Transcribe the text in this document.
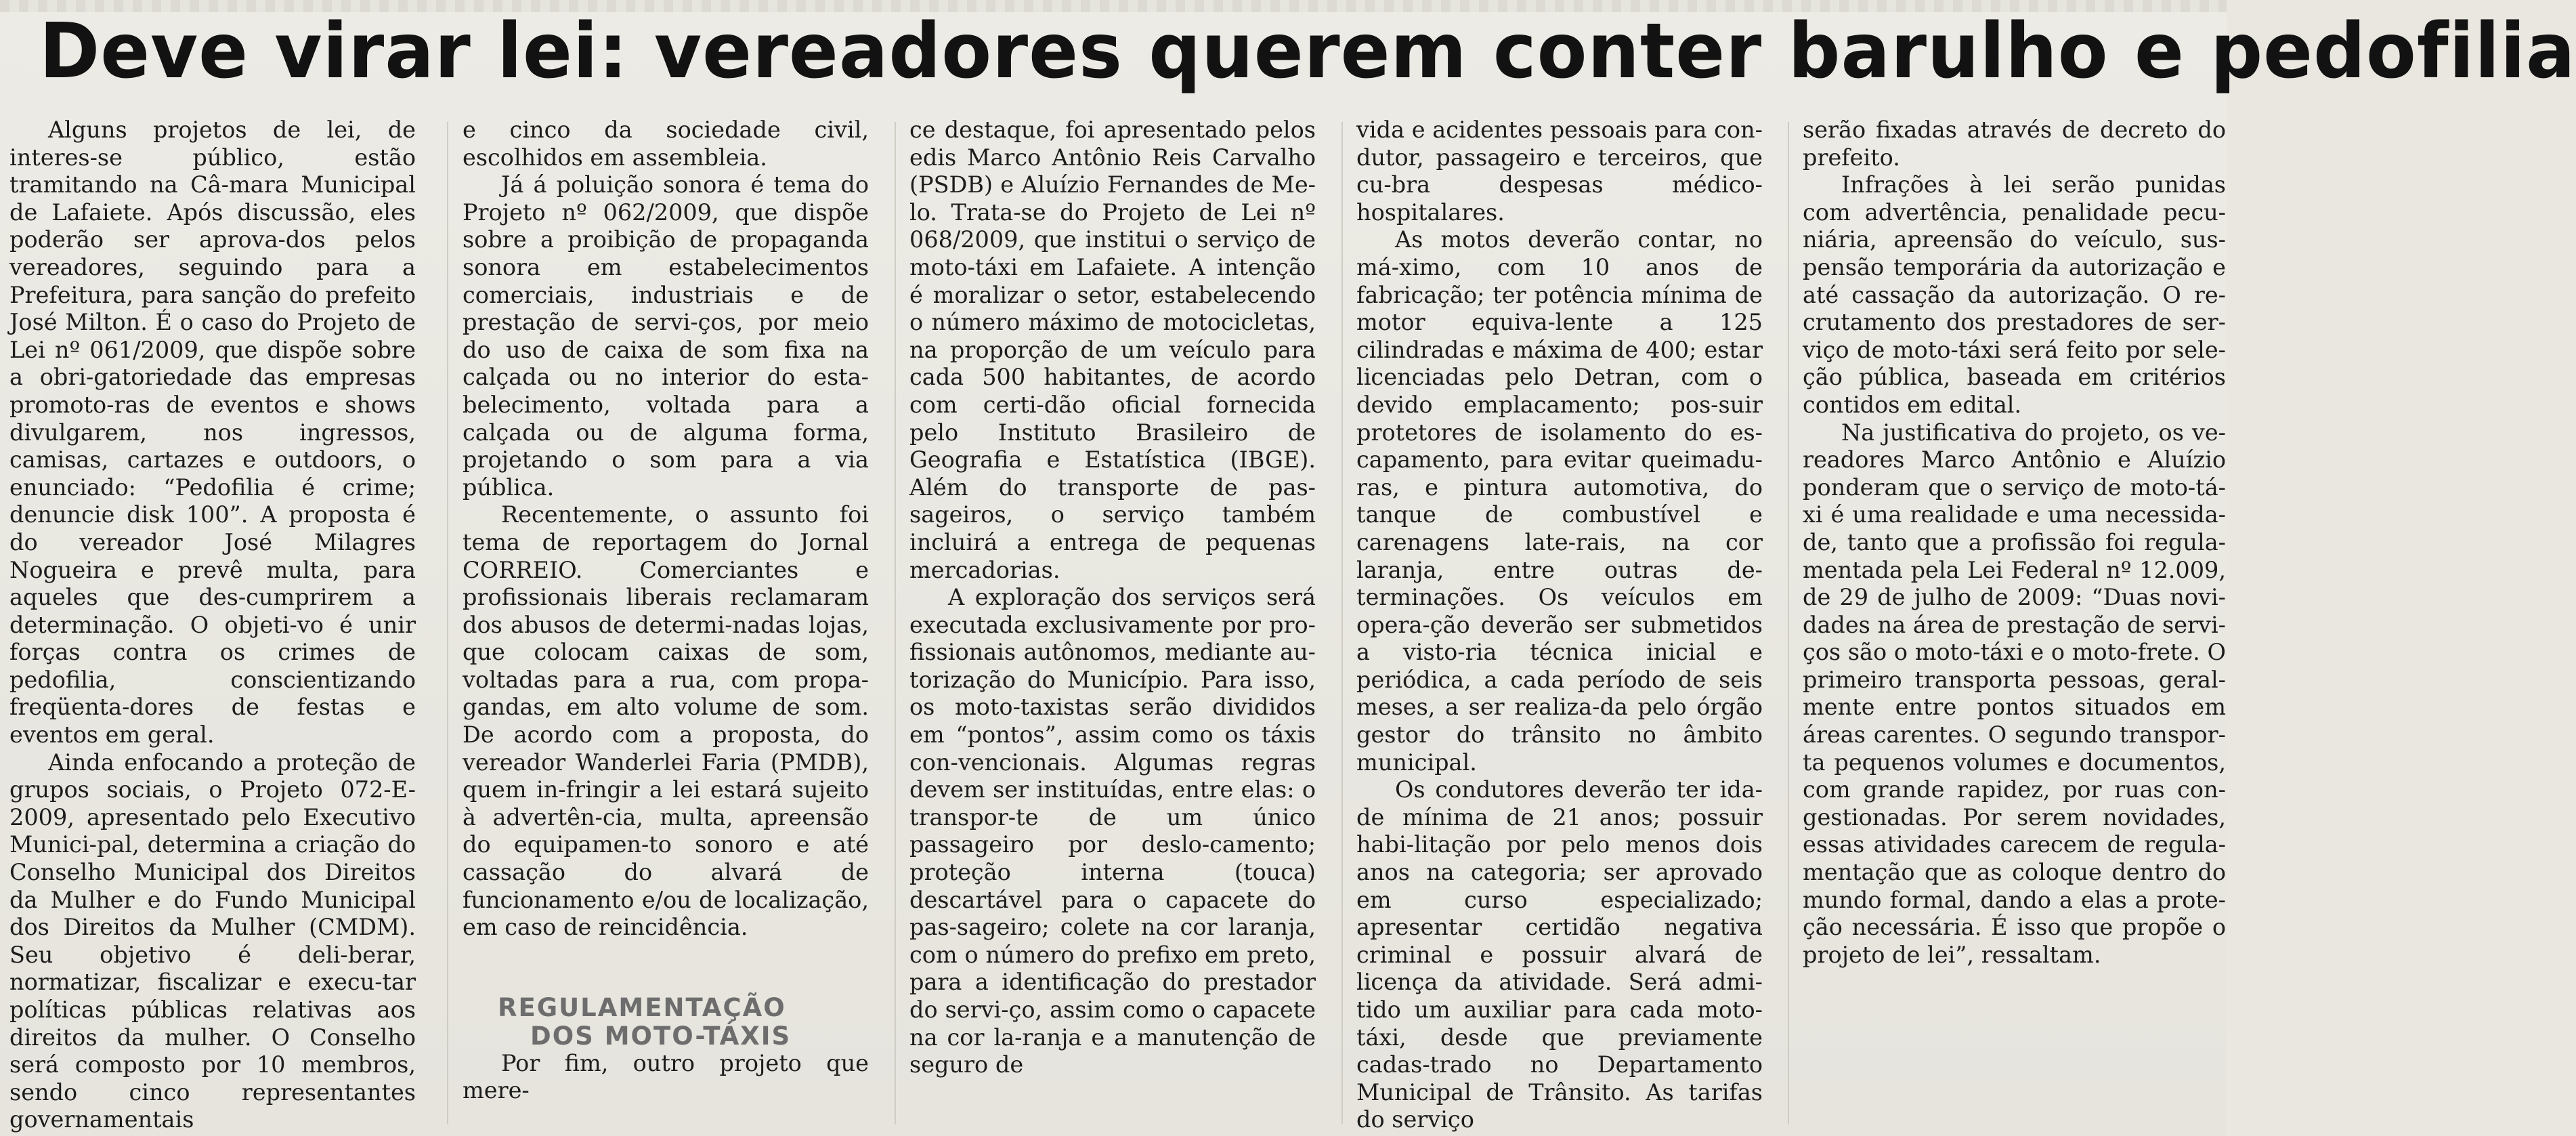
Deve virar lei: vereadores querem conter barulho e pedofilia

Alguns projetos de lei, de interes-se público, estão tramitando na Câ-mara Municipal de Lafaiete. Após discussão, eles poderão ser aprova-dos pelos vereadores, seguindo para a Prefeitura, para sanção do prefeito José Milton. É o caso do Projeto de Lei nº 061/2009, que dispõe sobre a obri-gatoriedade das empresas promoto-ras de eventos e shows divulgarem, nos ingressos, camisas, cartazes e outdoors, o enunciado: “Pedofilia é crime; denuncie disk 100”. A proposta é do vereador José Milagres Nogueira e prevê multa, para aqueles que des-cumprirem a determinação. O objeti-vo é unir forças contra os crimes de pedofilia, conscientizando freqüenta-dores de festas e eventos em geral.

Ainda enfocando a proteção de grupos sociais, o Projeto 072-E-2009, apresentado pelo Executivo Munici-pal, determina a criação do Conselho Municipal dos Direitos da Mulher e do Fundo Municipal dos Direitos da Mulher (CMDM). Seu objetivo é deli-berar, normatizar, fiscalizar e execu-tar políticas públicas relativas aos direitos da mulher. O Conselho será composto por 10 membros, sendo cinco representantes governamentais

e cinco da sociedade civil, escolhidos em assembleia.

Já á poluição sonora é tema do Projeto nº 062/2009, que dispõe sobre a proibição de propaganda sonora em estabelecimentos comerciais, industriais e de prestação de servi-ços, por meio do uso de caixa de som fixa na calçada ou no interior do esta-belecimento, voltada para a calçada ou de alguma forma, projetando o som para a via pública.

Recentemente, o assunto foi tema de reportagem do Jornal CORREIO. Comerciantes e profissionais liberais reclamaram dos abusos de determi-nadas lojas, que colocam caixas de som, voltadas para a rua, com propa-gandas, em alto volume de som. De acordo com a proposta, do vereador Wanderlei Faria (PMDB), quem in-fringir a lei estará sujeito à advertên-cia, multa, apreensão do equipamen-to sonoro e até cassação do alvará de funcionamento e/ou de localização, em caso de reincidência.

REGULAMENTAÇÃO
DOS MOTO-TÁXIS

Por fim, outro projeto que mere-

ce destaque, foi apresentado pelos edis Marco Antônio Reis Carvalho (PSDB) e Aluízio Fernandes de Me-lo. Trata-se do Projeto de Lei nº 068/2009, que institui o serviço de moto-táxi em Lafaiete. A intenção é moralizar o setor, estabelecendo o número máximo de motocicletas, na proporção de um veículo para cada 500 habitantes, de acordo com certi-dão oficial fornecida pelo Instituto Brasileiro de Geografia e Estatística (IBGE). Além do transporte de pas-sageiros, o serviço também incluirá a entrega de pequenas mercadorias.

A exploração dos serviços será executada exclusivamente por pro-fissionais autônomos, mediante au-torização do Município. Para isso, os moto-taxistas serão divididos em “pontos”, assim como os táxis con-vencionais. Algumas regras devem ser instituídas, entre elas: o transpor-te de um único passageiro por deslo-camento; proteção interna (touca) descartável para o capacete do pas-sageiro; colete na cor laranja, com o número do prefixo em preto, para a identificação do prestador do servi-ço, assim como o capacete na cor la-ranja e a manutenção de seguro de

vida e acidentes pessoais para con-dutor, passageiro e terceiros, que cu-bra despesas médico-hospitalares.

As motos deverão contar, no má-ximo, com 10 anos de fabricação; ter potência mínima de motor equiva-lente a 125 cilindradas e máxima de 400; estar licenciadas pelo Detran, com o devido emplacamento; pos-suir protetores de isolamento do es-capamento, para evitar queimadu-ras, e pintura automotiva, do tanque de combustível e carenagens late-rais, na cor laranja, entre outras de-terminações. Os veículos em opera-ção deverão ser submetidos a visto-ria técnica inicial e periódica, a cada período de seis meses, a ser realiza-da pelo órgão gestor do trânsito no âmbito municipal.

Os condutores deverão ter ida-de mínima de 21 anos; possuir habi-litação por pelo menos dois anos na categoria; ser aprovado em curso especializado; apresentar certidão negativa criminal e possuir alvará de licença da atividade. Será admi-tido um auxiliar para cada moto-táxi, desde que previamente cadas-trado no Departamento Municipal de Trânsito. As tarifas do serviço

serão fixadas através de decreto do prefeito.

Infrações à lei serão punidas com advertência, penalidade pecu-niária, apreensão do veículo, sus-pensão temporária da autorização e até cassação da autorização. O re-crutamento dos prestadores de ser-viço de moto-táxi será feito por sele-ção pública, baseada em critérios contidos em edital.

Na justificativa do projeto, os ve-readores Marco Antônio e Aluízio ponderam que o serviço de moto-tá-xi é uma realidade e uma necessida-de, tanto que a profissão foi regula-mentada pela Lei Federal nº 12.009, de 29 de julho de 2009: “Duas novi-dades na área de prestação de servi-ços são o moto-táxi e o moto-frete. O primeiro transporta pessoas, geral-mente entre pontos situados em áreas carentes. O segundo transpor-ta pequenos volumes e documentos, com grande rapidez, por ruas con-gestionadas. Por serem novidades, essas atividades carecem de regula-mentação que as coloque dentro do mundo formal, dando a elas a prote-ção necessária. É isso que propõe o projeto de lei”, ressaltam.
